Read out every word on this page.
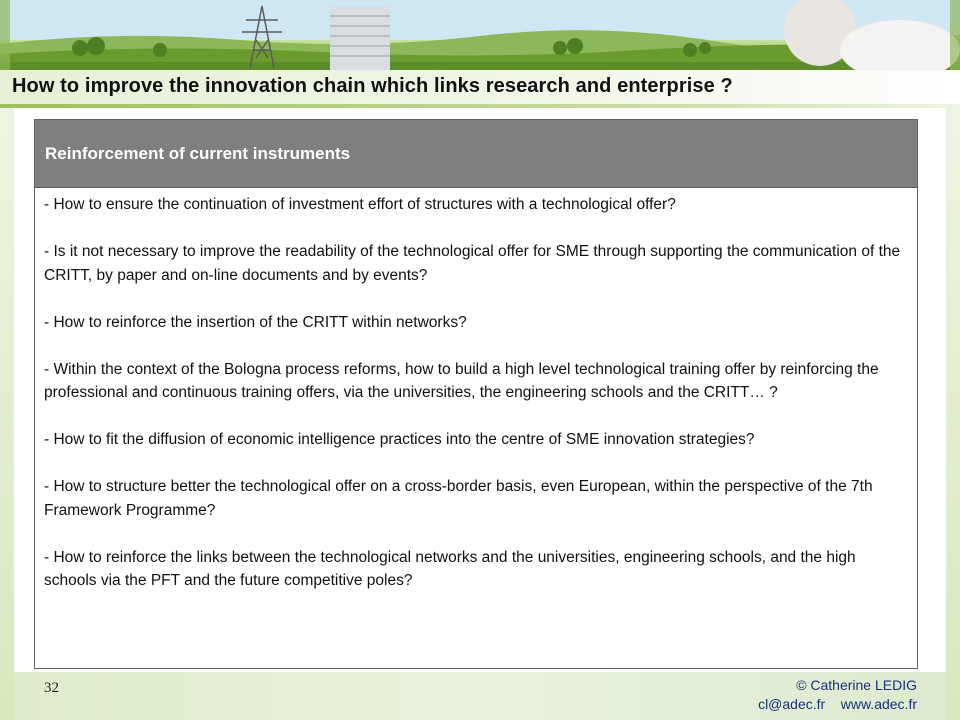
How to improve the innovation chain which links research and enterprise ?
Reinforcement of current instruments

- How to ensure the continuation of investment effort of structures with a technological offer?

- Is it not necessary to improve the readability of the technological offer for SME through supporting the communication of the CRITT, by paper and on-line documents and by events?

- How to reinforce the insertion of the CRITT within networks?

- Within the context of the Bologna process reforms, how to build a high level technological training offer by reinforcing the professional and continuous training offers, via the universities, the engineering schools and the CRITT… ?

- How to fit the diffusion of economic intelligence practices into the centre of SME innovation strategies?

- How to structure better the technological offer on a cross-border basis, even European, within the perspective of the 7th Framework Programme?

- How to reinforce the links between the technological networks and the universities, engineering schools, and the high schools via the PFT and the future competitive poles?

32	© Catherine LEDIG
cl@adec.fr www.adec.fr
